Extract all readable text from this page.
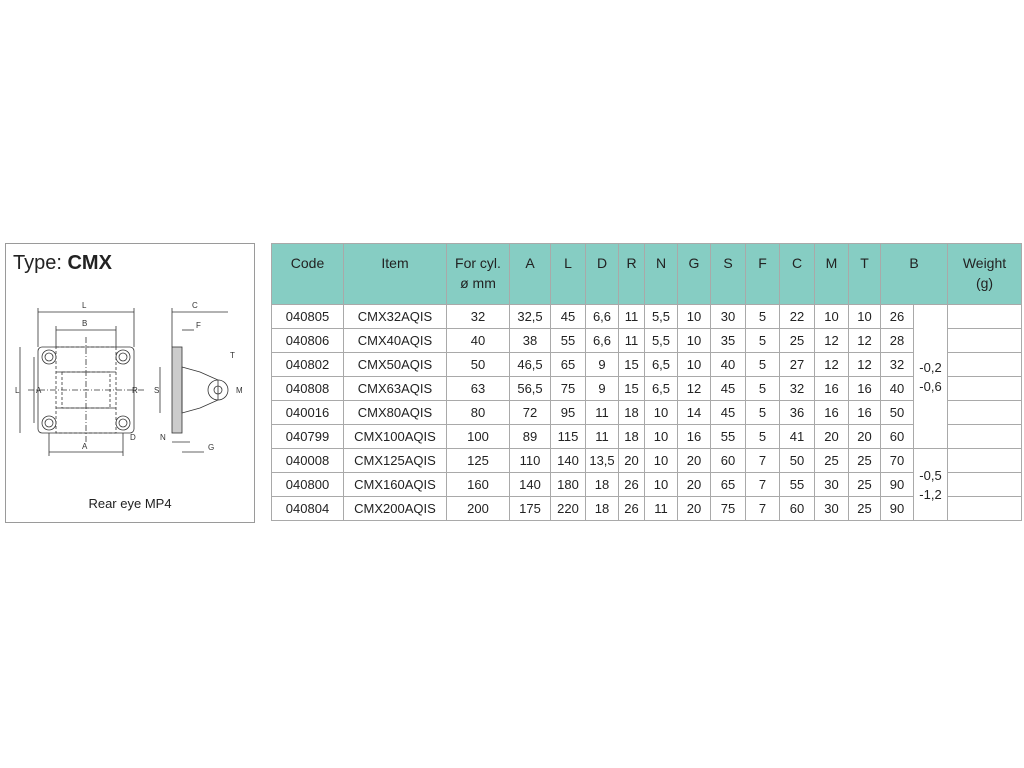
Type: CMX
L
B
R
A
L
A
D
C
F
S
N
T
M
G
Rear eye MP4
Code	Item	For cyl.
ø mm	A	L	D	R	N	G	S	F	C	M	T	B		Weight
(g)
040805	CMX32AQIS	32	32,5	45	6,6	11	5,5	10	30	5	22	10	10	26	-0,2
-0,6	
040806	CMX40AQIS	40	38	55	6,6	11	5,5	10	35	5	25	12	12	28		
040802	CMX50AQIS	50	46,5	65	9	15	6,5	10	40	5	27	12	12	32		
040808	CMX63AQIS	63	56,5	75	9	15	6,5	12	45	5	32	16	16	40		
040016	CMX80AQIS	80	72	95	11	18	10	14	45	5	36	16	16	50		
040799	CMX100AQIS	100	89	115	11	18	10	16	55	5	41	20	20	60		
040008	CMX125AQIS	125	110	140	13,5	20	10	20	60	7	50	25	25	70	-0,5
-1,2	
040800	CMX160AQIS	160	140	180	18	26	10	20	65	7	55	30	25	90		
040804	CMX200AQIS	200	175	220	18	26	11	20	75	7	60	30	25	90		
